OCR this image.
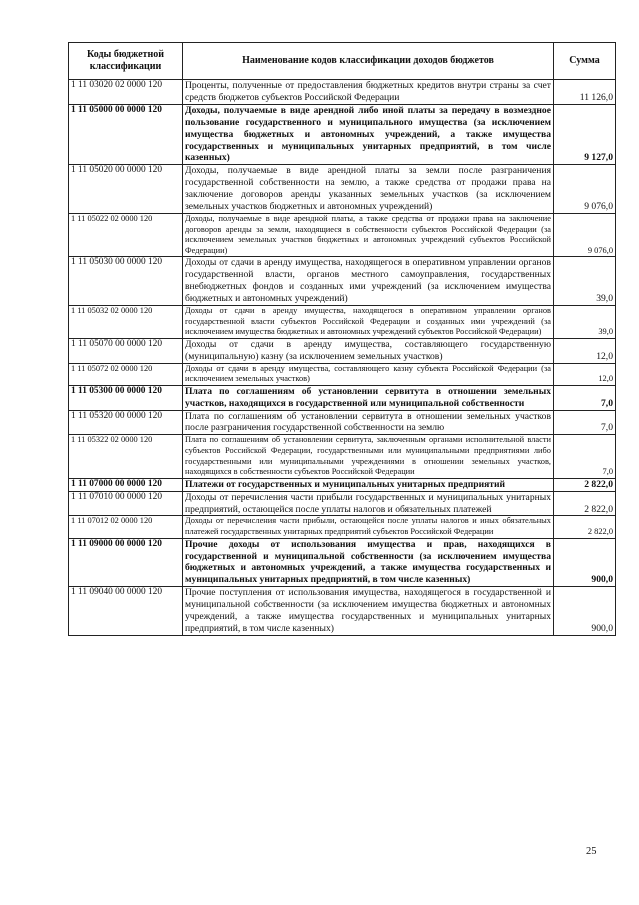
Коды бюджетной классификации	Наименование кодов классификации доходов бюджетов	Сумма
1 11 03020 02 0000 120	Проценты, полученные от предоставления бюджетных кредитов внутри страны за счет средств бюджетов субъектов Российской Федерации	11 126,0
1 11 05000 00 0000 120	Доходы, получаемые в виде арендной либо иной платы за передачу в возмездное пользование государственного и муниципального имущества (за исключением имущества бюджетных и автономных учреждений, а также имущества государственных и муниципальных унитарных предприятий, в том числе казенных)	9 127,0
1 11 05020 00 0000 120	Доходы, получаемые в виде арендной платы за земли после разграничения государственной собственности на землю, а также средства от продажи права на заключение договоров аренды указанных земельных участков (за исключением земельных участков бюджетных и автономных учреждений)	9 076,0
1 11 05022 02 0000 120	Доходы, получаемые в виде арендной платы, а также средства от продажи права на заключение договоров аренды за земли, находящиеся в собственности субъектов Российской Федерации (за исключением земельных участков бюджетных и автономных учреждений субъектов Российской Федерации)	9 076,0
1 11 05030 00 0000 120	Доходы от сдачи в аренду имущества, находящегося в оперативном управлении органов государственной власти, органов местного самоуправления, государственных внебюджетных фондов и созданных ими учреждений (за исключением имущества бюджетных и автономных учреждений)	39,0
1 11 05032 02 0000 120	Доходы от сдачи в аренду имущества, находящегося в оперативном управлении органов государственной власти субъектов Российской Федерации и созданных ими учреждений (за исключением имущества бюджетных и автономных учреждений субъектов Российской Федерации)	39,0
1 11 05070 00 0000 120	Доходы от сдачи в аренду имущества, составляющего государственную (муниципальную) казну (за исключением земельных участков)	12,0
1 11 05072 02 0000 120	Доходы от сдачи в аренду имущества, составляющего казну субъекта Российской Федерации (за исключением земельных участков)	12,0
1 11 05300 00 0000 120	Плата по соглашениям об установлении сервитута в отношении земельных участков, находящихся в государственной или муниципальной собственности	7,0
1 11 05320 00 0000 120	Плата по соглашениям об установлении сервитута в отношении земельных участков после разграничения государственной собственности на землю	7,0
1 11 05322 02 0000 120	Плата по соглашениям об установлении сервитута, заключенным органами исполнительной власти субъектов Российской Федерации, государственными или муниципальными предприятиями либо государственными или муниципальными учреждениями в отношении земельных участков, находящихся в собственности субъектов Российской Федерации	7,0
1 11 07000 00 0000 120	Платежи от государственных и муниципальных унитарных предприятий	2 822,0
1 11 07010 00 0000 120	Доходы от перечисления части прибыли государственных и муниципальных унитарных предприятий, остающейся после уплаты налогов и обязательных платежей	2 822,0
1 11 07012 02 0000 120	Доходы от перечисления части прибыли, остающейся после уплаты налогов и иных обязательных платежей государственных унитарных предприятий субъектов Российской Федерации	2 822,0
1 11 09000 00 0000 120	Прочие доходы от использования имущества и прав, находящихся в государственной и муниципальной собственности (за исключением имущества бюджетных и автономных учреждений, а также имущества государственных и муниципальных унитарных предприятий, в том числе казенных)	900,0
1 11 09040 00 0000 120	Прочие поступления от использования имущества, находящегося в государственной и муниципальной собственности (за исключением имущества бюджетных и автономных учреждений, а также имущества государственных и муниципальных унитарных предприятий, в том числе казенных)	900,0
25
